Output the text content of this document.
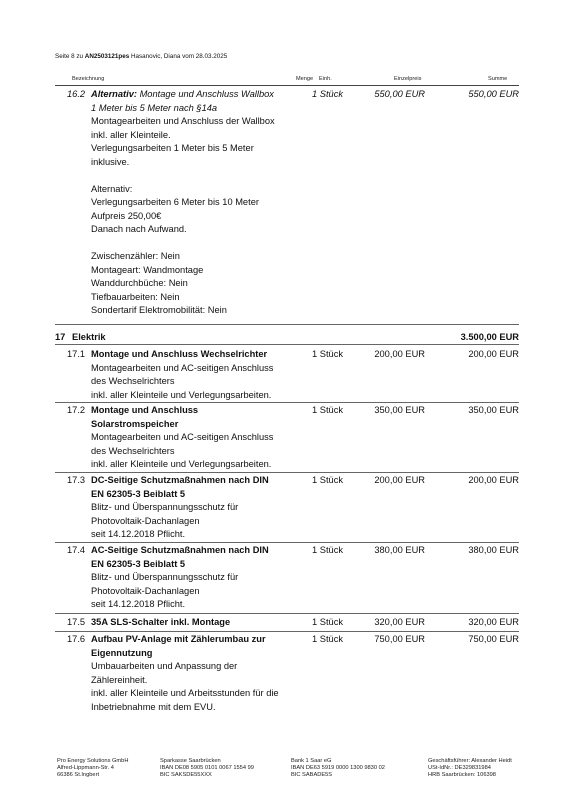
Seite 8 zu AN2503121pes Hasanovic, Diana vom 28.03.2025
Bezeichnung	Menge Einh.	Einzelpreis	Summe
16.2 Alternativ: Montage und Anschluss Wallbox
1 Meter bis 5 Meter nach §14a
Montagearbeiten und Anschluss der Wallbox
inkl. aller Kleinteile.
Verlegungsarbeiten 1 Meter bis 5 Meter
inklusive.
Alternativ:
Verlegungsarbeiten 6 Meter bis 10 Meter
Aufpreis 250,00€
Danach nach Aufwand.
Zwischenzähler: Nein
Montageart: Wandmontage
Wanddurchbüche: Nein
Tiefbauarbeiten: Nein
Sondertarif Elektromobilität: Nein
1 Stück	550,00 EUR	550,00 EUR
17 Elektrik	3.500,00 EUR
17.1 Montage und Anschluss Wechselrichter
Montagearbeiten und AC-seitigen Anschluss
des Wechselrichters
inkl. aller Kleinteile und Verlegungsarbeiten.
1 Stück	200,00 EUR	200,00 EUR
17.2 Montage und Anschluss
Solarstromspeicher
Montagearbeiten und AC-seitigen Anschluss
des Wechselrichters
inkl. aller Kleinteile und Verlegungsarbeiten.
1 Stück	350,00 EUR	350,00 EUR
17.3 DC-Seitige Schutzmaßnahmen nach DIN
EN 62305-3 Beiblatt 5
Blitz- und Überspannungsschutz für
Photovoltaik-Dachanlagen
seit 14.12.2018 Pflicht.
1 Stück	200,00 EUR	200,00 EUR
17.4 AC-Seitige Schutzmaßnahmen nach DIN
EN 62305-3 Beiblatt 5
Blitz- und Überspannungsschutz für
Photovoltaik-Dachanlagen
seit 14.12.2018 Pflicht.
1 Stück	380,00 EUR	380,00 EUR
17.5 35A SLS-Schalter inkl. Montage	1 Stück	320,00 EUR	320,00 EUR
17.6 Aufbau PV-Anlage mit Zählerumbau zur
Eigennutzung
Umbauarbeiten und Anpassung der
Zählereinheit.
inkl. aller Kleinteile und Arbeitsstunden für die
Inbetriebnahme mit dem EVU.
1 Stück	750,00 EUR	750,00 EUR
Pro Energy Solutions GmbH
Alfred-Lippmann-Str. 4
66386 St.Ingbert
Sparkasse Saarbrücken
IBAN DE08 5905 0101 0067 1554 99
BIC SAKSDE55XXX
Bank 1 Saar eG
IBAN DE63 5919 0000 1300 9830 02
BIC SABADE5S
Geschäftsführer: Alexander Heidt
USt-IdNr.: DE329831984
HRB Saarbrücken: 106398
